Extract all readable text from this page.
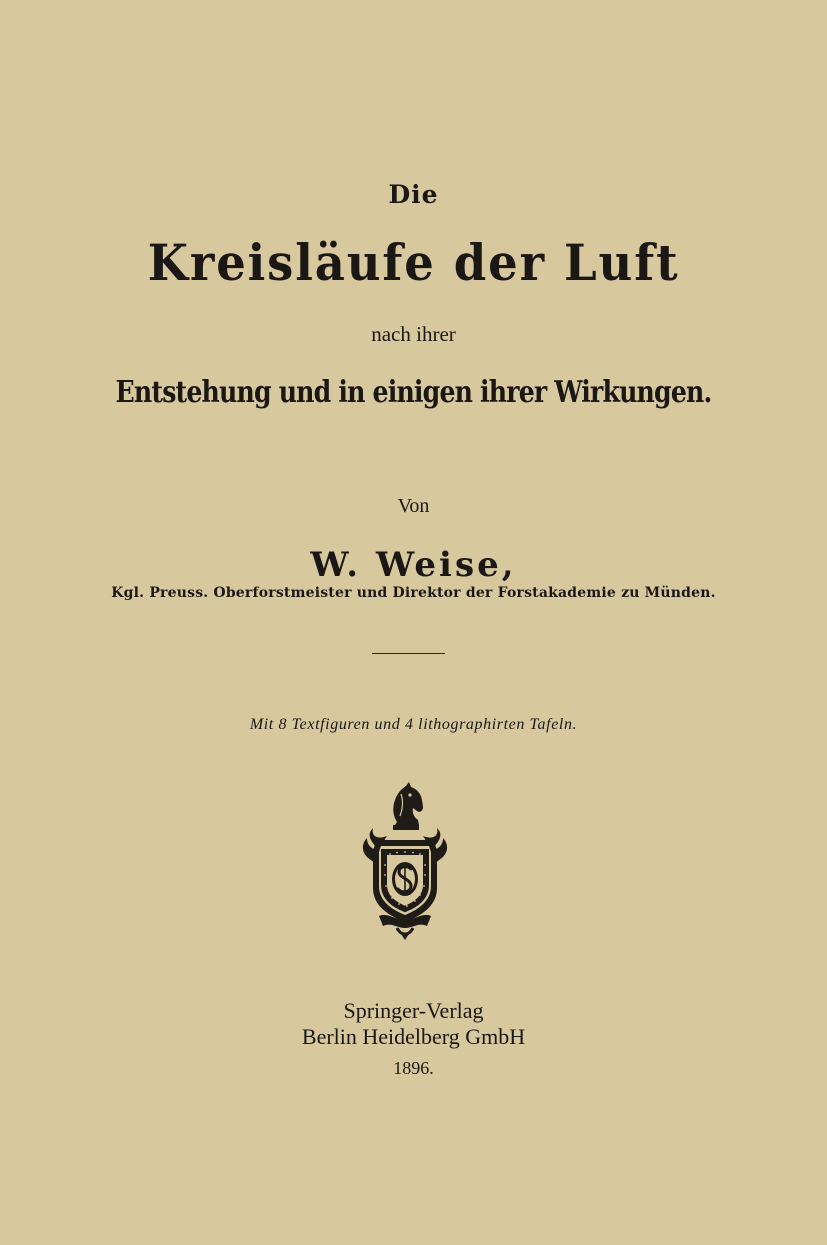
Die
Kreisläufe der Luft
nach ihrer
Entstehung und in einigen ihrer Wirkungen.
Von
W. Weise,
Kgl. Preuss. Oberforstmeister und Direktor der Forstakademie zu Münden.
Mit 8 Textfiguren und 4 lithographirten Tafeln.
Springer-Verlag
Berlin Heidelberg GmbH
1896.
